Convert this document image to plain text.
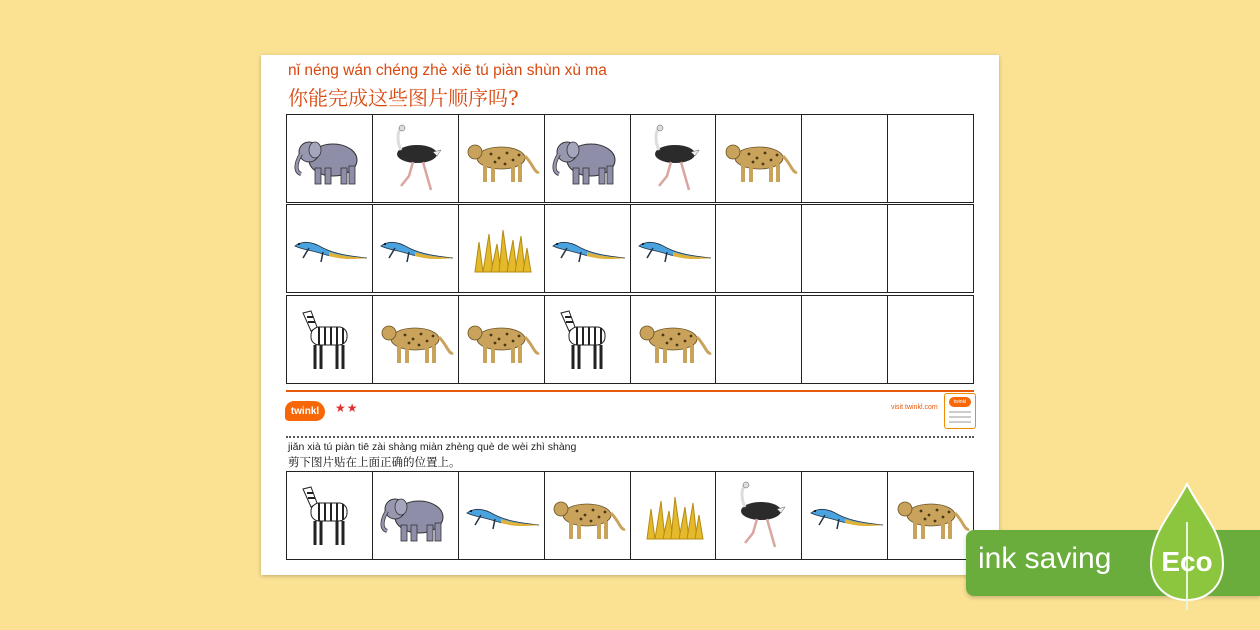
nǐ néng wán chéng zhè xiē tú piàn shùn xù ma
你能完成这些图片顺序吗?
twinkl	★★	visit twinkl.com
twinkl
jiǎn xià tú piàn tiē zài shàng miàn zhèng què de wèi zhì shàng
剪下图片贴在上面正确的位置上。
ink saving Eco
